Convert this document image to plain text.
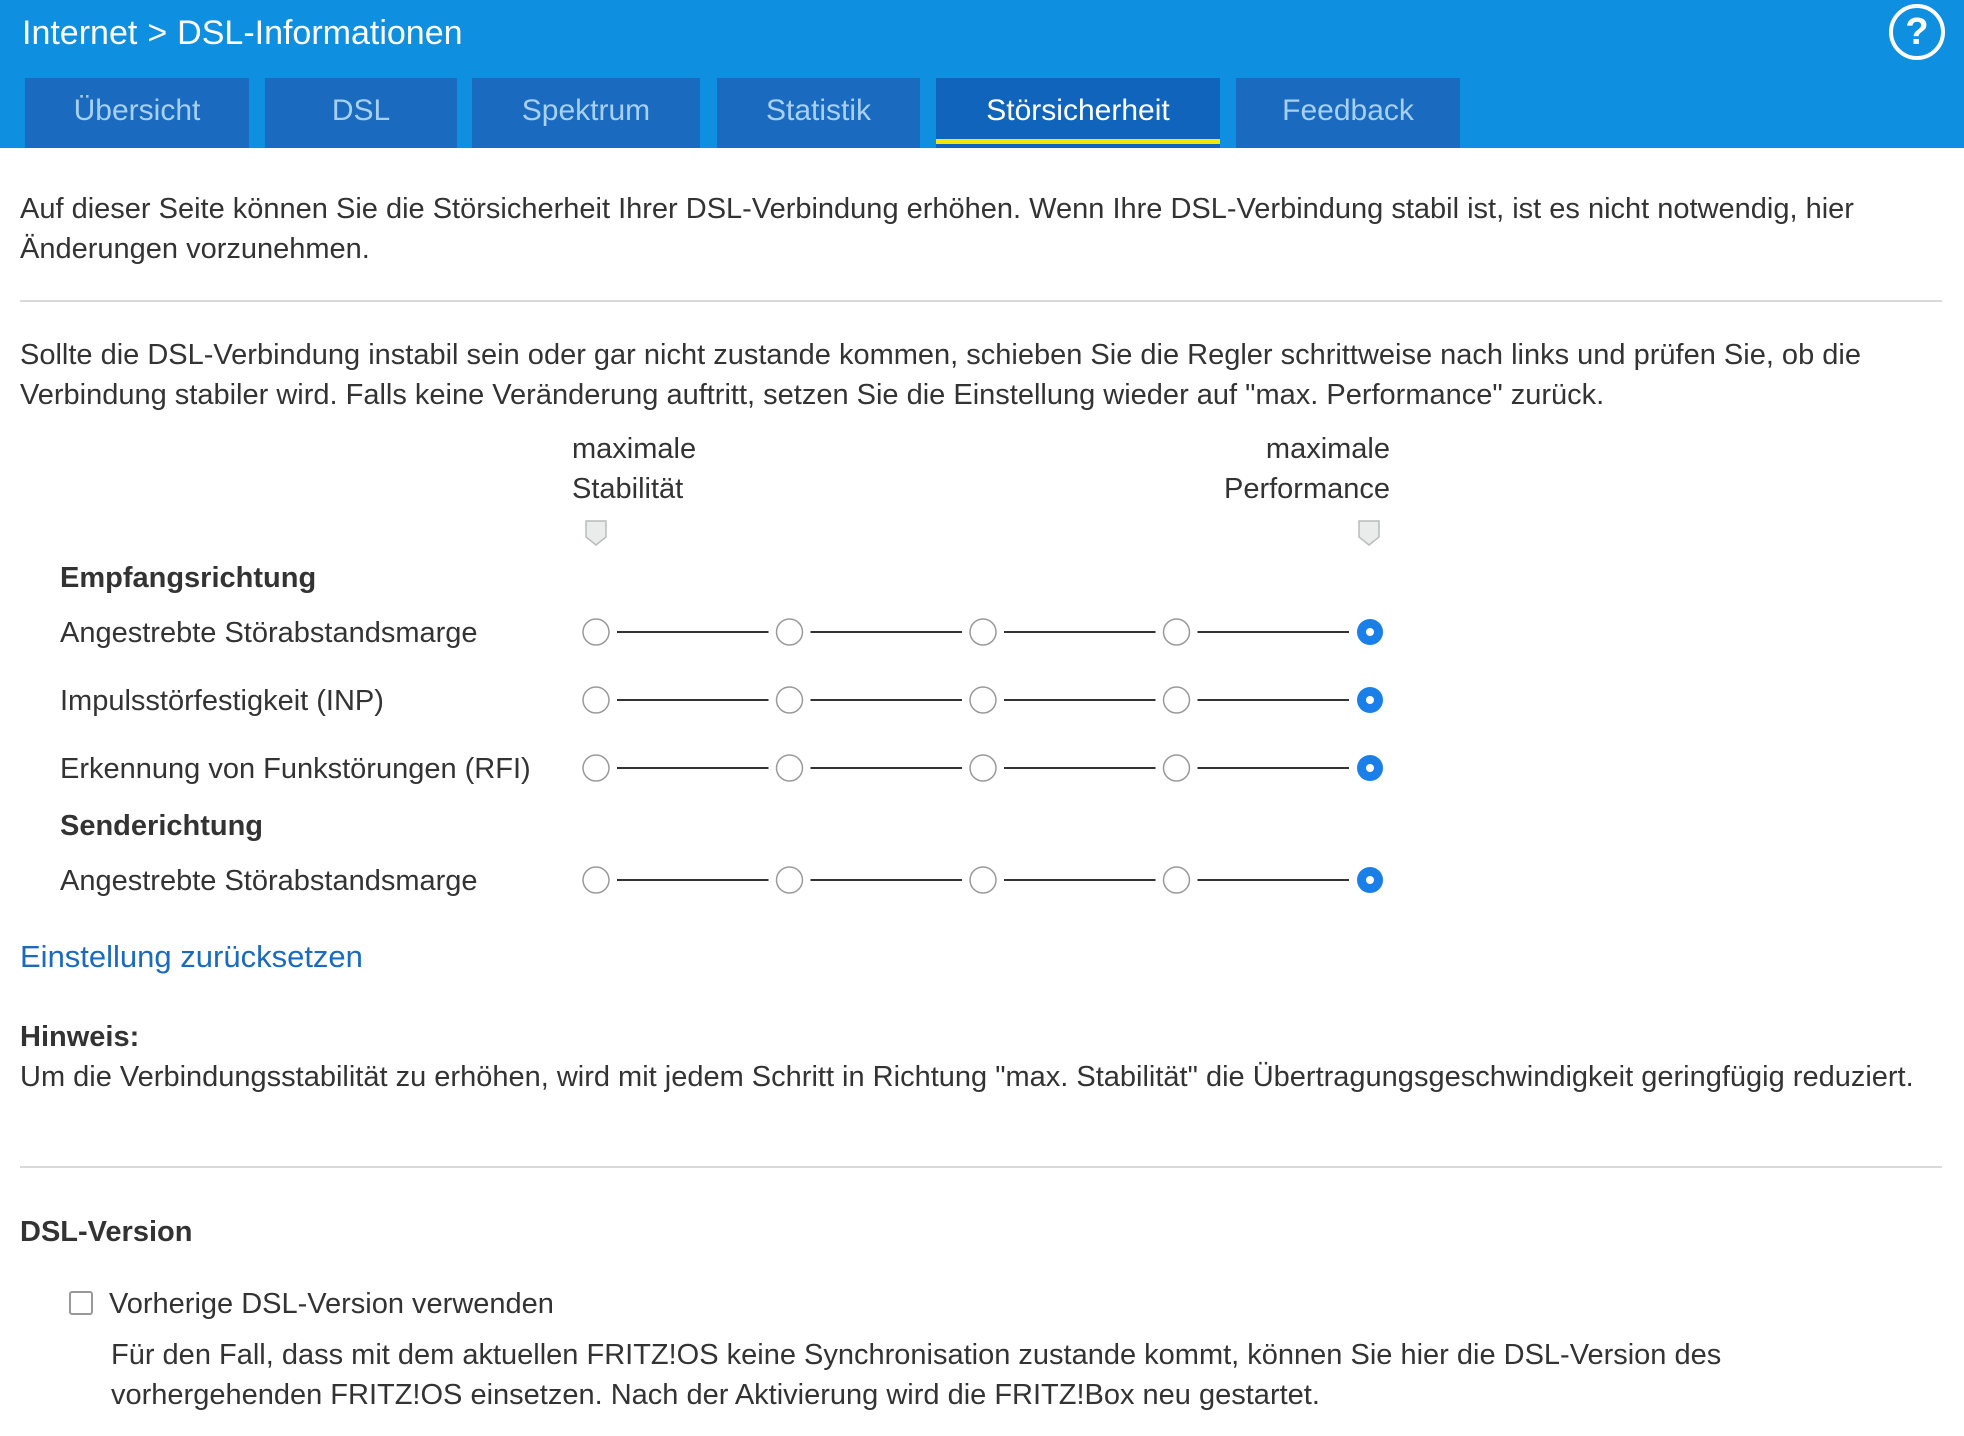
Internet > DSL-Informationen	?
Übersicht	DSL	Spektrum	Statistik	Störsicherheit	Feedback
Auf dieser Seite können Sie die Störsicherheit Ihrer DSL-Verbindung erhöhen. Wenn Ihre DSL-Verbindung stabil ist, ist es nicht notwendig, hier Änderungen vorzunehmen.
Sollte die DSL-Verbindung instabil sein oder gar nicht zustande kommen, schieben Sie die Regler schrittweise nach links und prüfen Sie, ob die Verbindung stabiler wird. Falls keine Veränderung auftritt, setzen Sie die Einstellung wieder auf "max. Performance" zurück.
maximale
Stabilität
maximale
Performance
Empfangsrichtung
Angestrebte Störabstandsmarge
Impulsstörfestigkeit (INP)
Erkennung von Funkstörungen (RFI)
Senderichtung
Angestrebte Störabstandsmarge
Einstellung zurücksetzen
Hinweis:
Um die Verbindungsstabilität zu erhöhen, wird mit jedem Schritt in Richtung "max. Stabilität" die Übertragungsgeschwindigkeit geringfügig reduziert.
DSL-Version
Vorherige DSL-Version verwenden
Für den Fall, dass mit dem aktuellen FRITZ!OS keine Synchronisation zustande kommt, können Sie hier die DSL-Version des vorhergehenden FRITZ!OS einsetzen. Nach der Aktivierung wird die FRITZ!Box neu gestartet.
